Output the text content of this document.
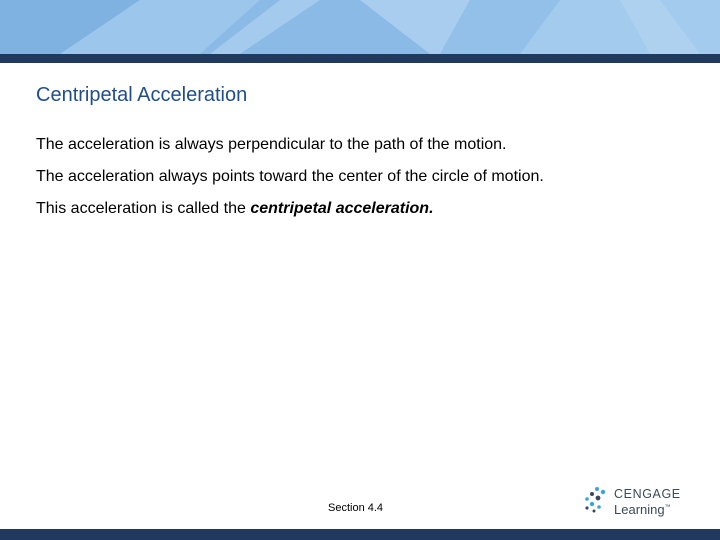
Centripetal Acceleration
The acceleration is always perpendicular to the path of the motion.
The acceleration always points toward the center of the circle of motion.
This acceleration is called the centripetal acceleration.
Section 4.4
CENGAGE
Learning™
